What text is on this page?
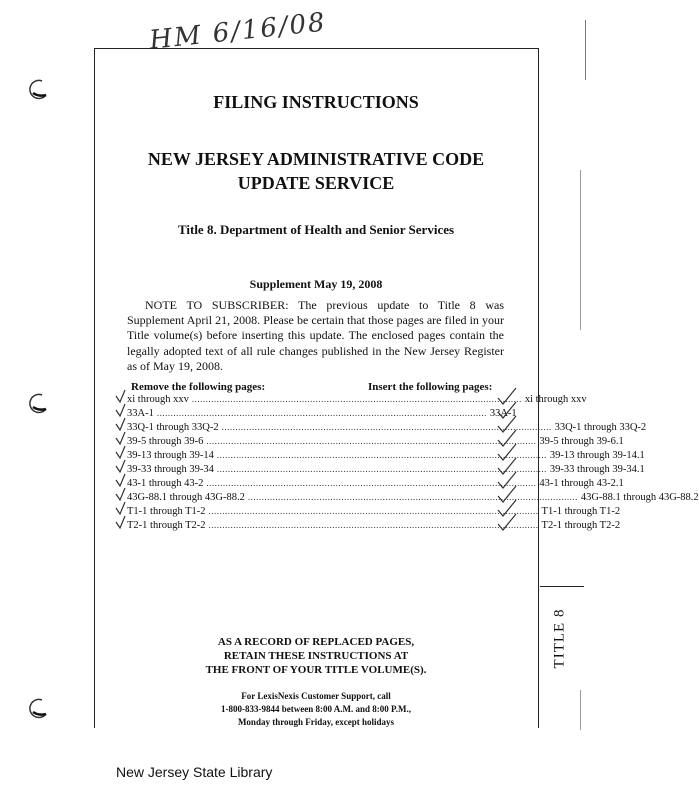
HM 6/16/08
TITLE 8
FILING INSTRUCTIONS
NEW JERSEY ADMINISTRATIVE CODE
UPDATE SERVICE
Title 8. Department of Health and Senior Services
Supplement May 19, 2008
NOTE TO SUBSCRIBER: The previous update to Title 8 was Supplement April 21, 2008. Please be certain that those pages are filed in your Title volume(s) before inserting this update. The enclosed pages contain the legally adopted text of all rule changes published in the New Jersey Register as of May 19, 2008.
Remove the following pages:	Insert the following pages:
xi through xxv ........................................................................................................................ xi through xxv
33A-1 ........................................................................................................................ 33A-1
33Q-1 through 33Q-2 ........................................................................................................................ 33Q-1 through 33Q-2
39-5 through 39-6 ........................................................................................................................ 39-5 through 39-6.1
39-13 through 39-14 ........................................................................................................................ 39-13 through 39-14.1
39-33 through 39-34 ........................................................................................................................ 39-33 through 39-34.1
43-1 through 43-2 ........................................................................................................................ 43-1 through 43-2.1
43G-88.1 through 43G-88.2 ........................................................................................................................ 43G-88.1 through 43G-88.2
T1-1 through T1-2 ........................................................................................................................ T1-1 through T1-2
T2-1 through T2-2 ........................................................................................................................ T2-1 through T2-2
AS A RECORD OF REPLACED PAGES,
RETAIN THESE INSTRUCTIONS AT
THE FRONT OF YOUR TITLE VOLUME(S).
For LexisNexis Customer Support, call
1-800-833-9844 between 8:00 A.M. and 8:00 P.M.,
Monday through Friday, except holidays
New Jersey State Library
